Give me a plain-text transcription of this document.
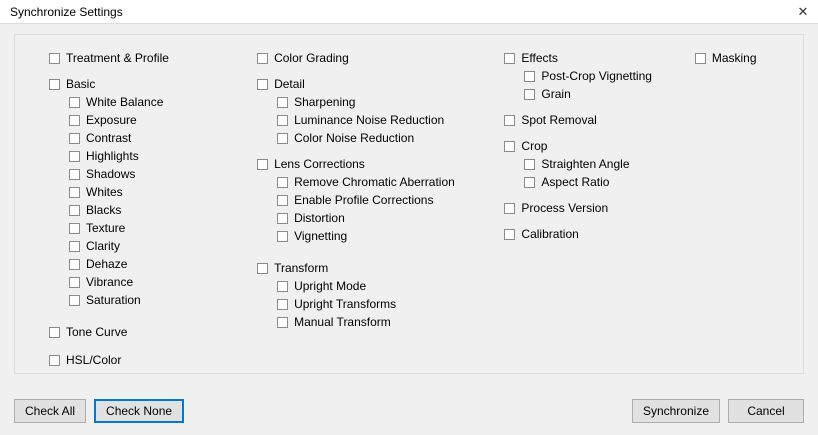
Synchronize Settings	✕
Treatment & Profile
Basic
White Balance
Exposure
Contrast
Highlights
Shadows
Whites
Blacks
Texture
Clarity
Dehaze
Vibrance
Saturation
Tone Curve
HSL/Color
Color Grading
Detail
Sharpening
Luminance Noise Reduction
Color Noise Reduction
Lens Corrections
Remove Chromatic Aberration
Enable Profile Corrections
Distortion
Vignetting
Transform
Upright Mode
Upright Transforms
Manual Transform
Effects
Post-Crop Vignetting
Grain
Spot Removal
Crop
Straighten Angle
Aspect Ratio
Process Version
Calibration
Masking
Check All	Check None	Synchronize	Cancel
